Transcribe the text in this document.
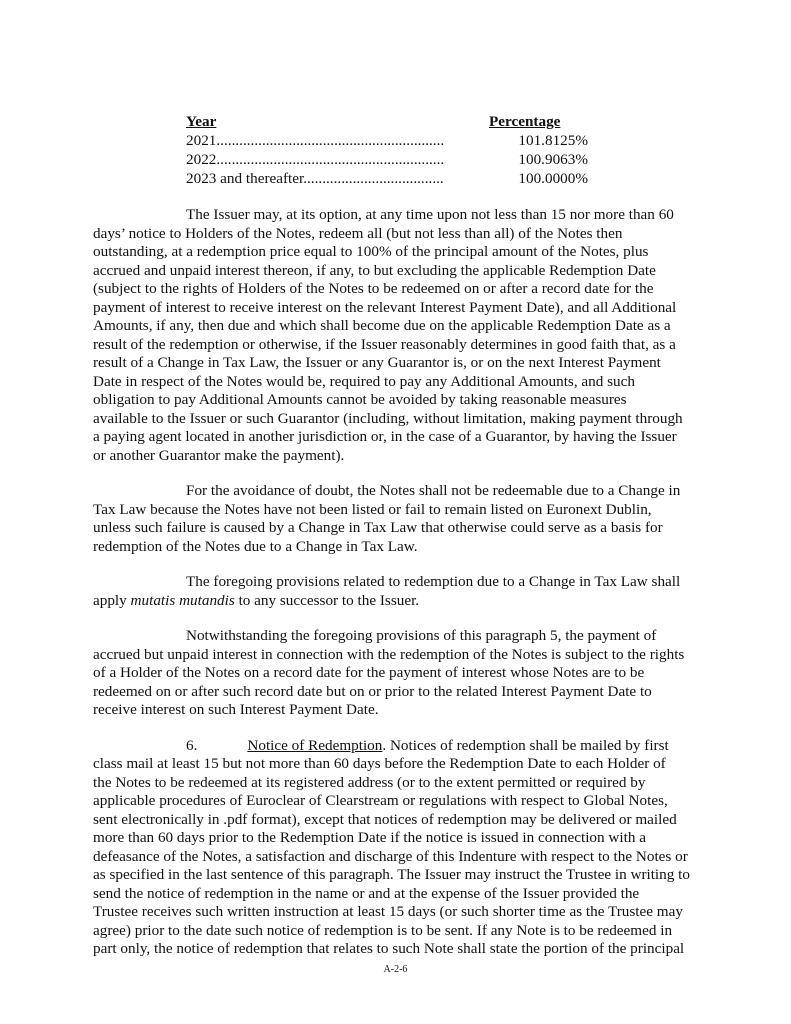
Year	Percentage
2021............................................................	101.8125%
2022............................................................	100.9063%
2023 and thereafter.....................................	100.0000%

The Issuer may, at its option, at any time upon not less than 15 nor more than 60
days’ notice to Holders of the Notes, redeem all (but not less than all) of the Notes then
outstanding, at a redemption price equal to 100% of the principal amount of the Notes, plus
accrued and unpaid interest thereon, if any, to but excluding the applicable Redemption Date
(subject to the rights of Holders of the Notes to be redeemed on or after a record date for the
payment of interest to receive interest on the relevant Interest Payment Date), and all Additional
Amounts, if any, then due and which shall become due on the applicable Redemption Date as a
result of the redemption or otherwise, if the Issuer reasonably determines in good faith that, as a
result of a Change in Tax Law, the Issuer or any Guarantor is, or on the next Interest Payment
Date in respect of the Notes would be, required to pay any Additional Amounts, and such
obligation to pay Additional Amounts cannot be avoided by taking reasonable measures
available to the Issuer or such Guarantor (including, without limitation, making payment through
a paying agent located in another jurisdiction or, in the case of a Guarantor, by having the Issuer
or another Guarantor make the payment).

For the avoidance of doubt, the Notes shall not be redeemable due to a Change in
Tax Law because the Notes have not been listed or fail to remain listed on Euronext Dublin,
unless such failure is caused by a Change in Tax Law that otherwise could serve as a basis for
redemption of the Notes due to a Change in Tax Law.

The foregoing provisions related to redemption due to a Change in Tax Law shall
apply mutatis mutandis to any successor to the Issuer.

Notwithstanding the foregoing provisions of this paragraph 5, the payment of
accrued but unpaid interest in connection with the redemption of the Notes is subject to the rights
of a Holder of the Notes on a record date for the payment of interest whose Notes are to be
redeemed on or after such record date but on or prior to the related Interest Payment Date to
receive interest on such Interest Payment Date.

6.	Notice of Redemption. Notices of redemption shall be mailed by first
class mail at least 15 but not more than 60 days before the Redemption Date to each Holder of
the Notes to be redeemed at its registered address (or to the extent permitted or required by
applicable procedures of Euroclear of Clearstream or regulations with respect to Global Notes,
sent electronically in .pdf format), except that notices of redemption may be delivered or mailed
more than 60 days prior to the Redemption Date if the notice is issued in connection with a
defeasance of the Notes, a satisfaction and discharge of this Indenture with respect to the Notes or
as specified in the last sentence of this paragraph. The Issuer may instruct the Trustee in writing to
send the notice of redemption in the name or and at the expense of the Issuer provided the
Trustee receives such written instruction at least 15 days (or such shorter time as the Trustee may
agree) prior to the date such notice of redemption is to be sent. If any Note is to be redeemed in
part only, the notice of redemption that relates to such Note shall state the portion of the principal

A-2-6
